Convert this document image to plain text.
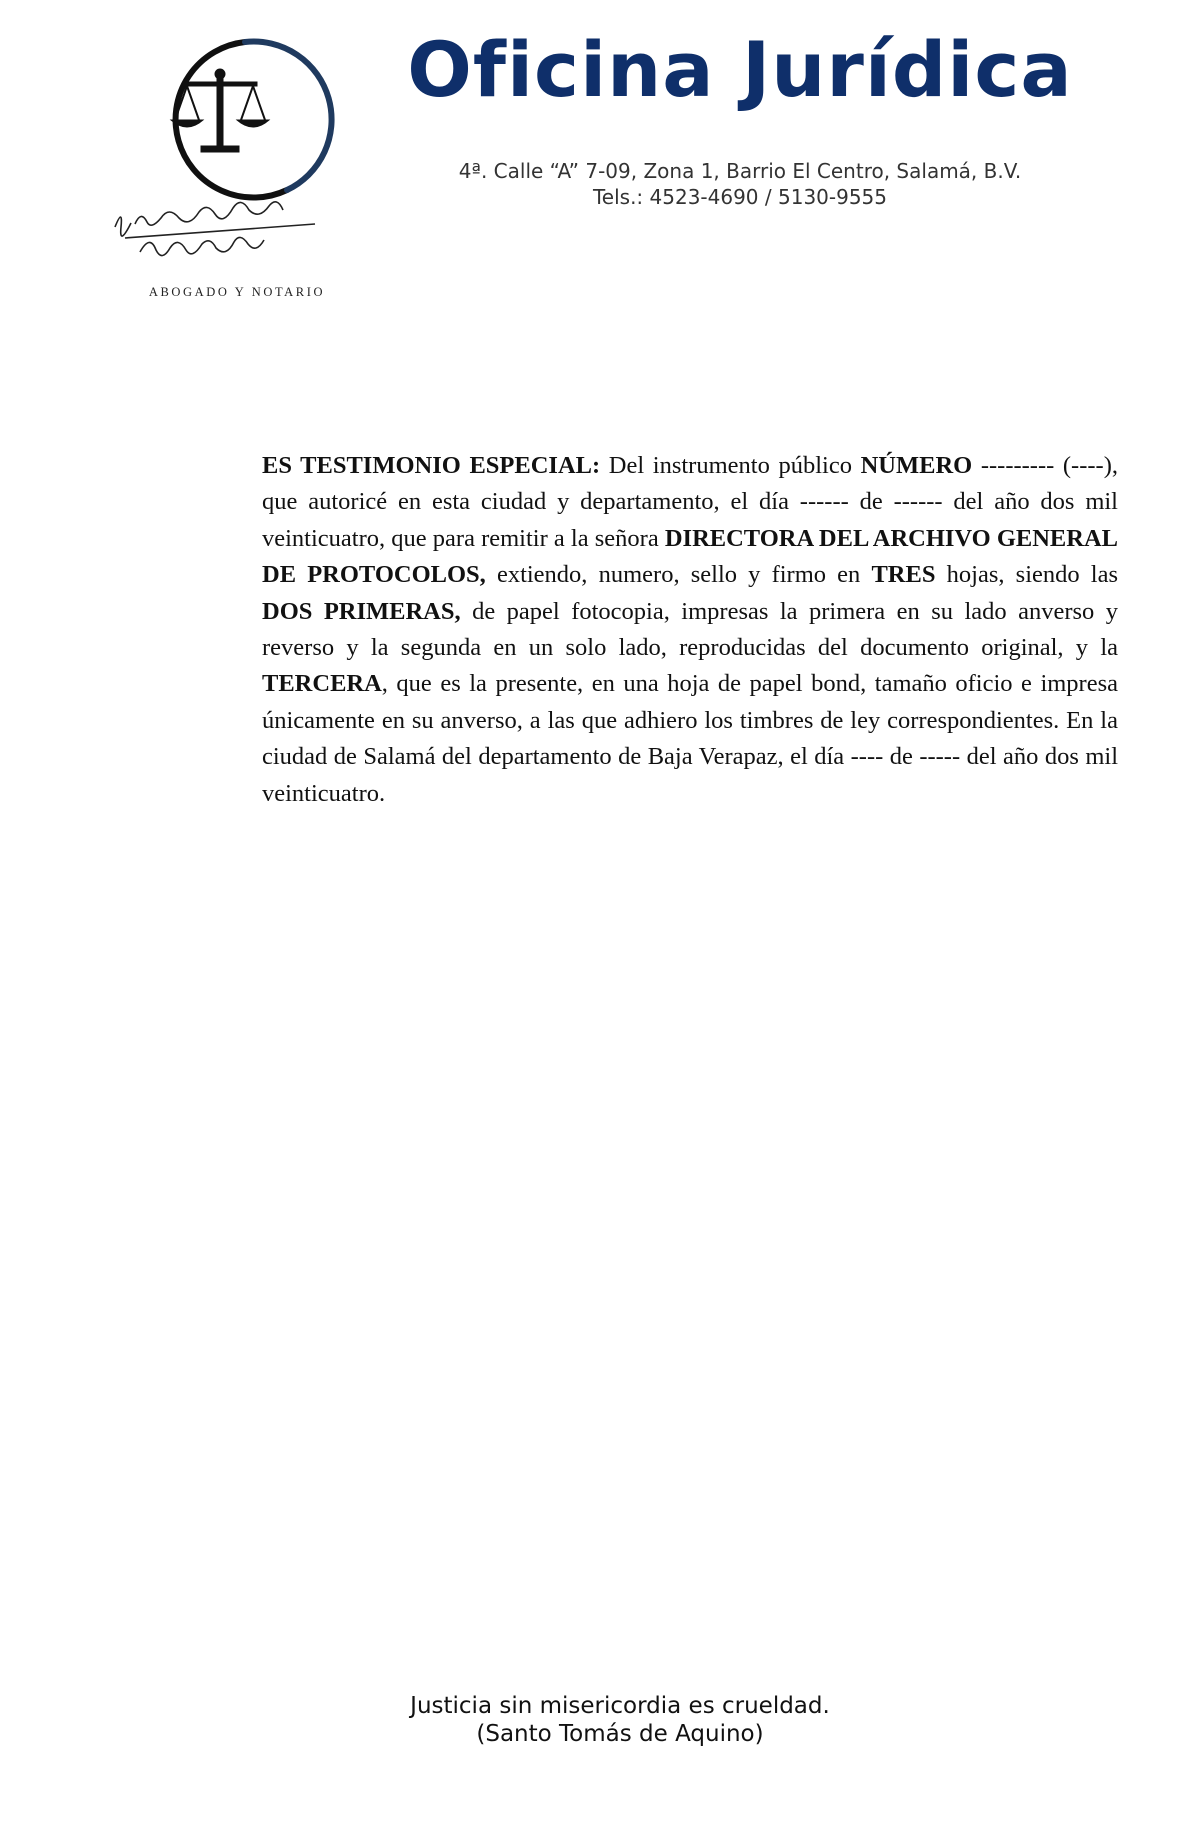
ABOGADO Y NOTARIO
Oficina Jurídica
4ª. Calle “A” 7-09, Zona 1, Barrio El Centro, Salamá, B.V.
Tels.: 4523-4690 / 5130-9555
ES TESTIMONIO ESPECIAL: Del instrumento público NÚMERO --------- (----), que autoricé en esta ciudad y departamento, el día ------ de ------ del año dos mil veinticuatro, que para remitir a la señora DIRECTORA DEL ARCHIVO GENERAL DE PROTOCOLOS, extiendo, numero, sello y firmo en TRES hojas, siendo las DOS PRIMERAS, de papel fotocopia, impresas la primera en su lado anverso y reverso y la segunda en un solo lado, reproducidas del documento original, y la TERCERA, que es la presente, en una hoja de papel bond, tamaño oficio e impresa únicamente en su anverso, a las que adhiero los timbres de ley correspondientes. En la ciudad de Salamá del departamento de Baja Verapaz, el día ---- de ----- del año dos mil veinticuatro.
Justicia sin misericordia es crueldad.
(Santo Tomás de Aquino)
